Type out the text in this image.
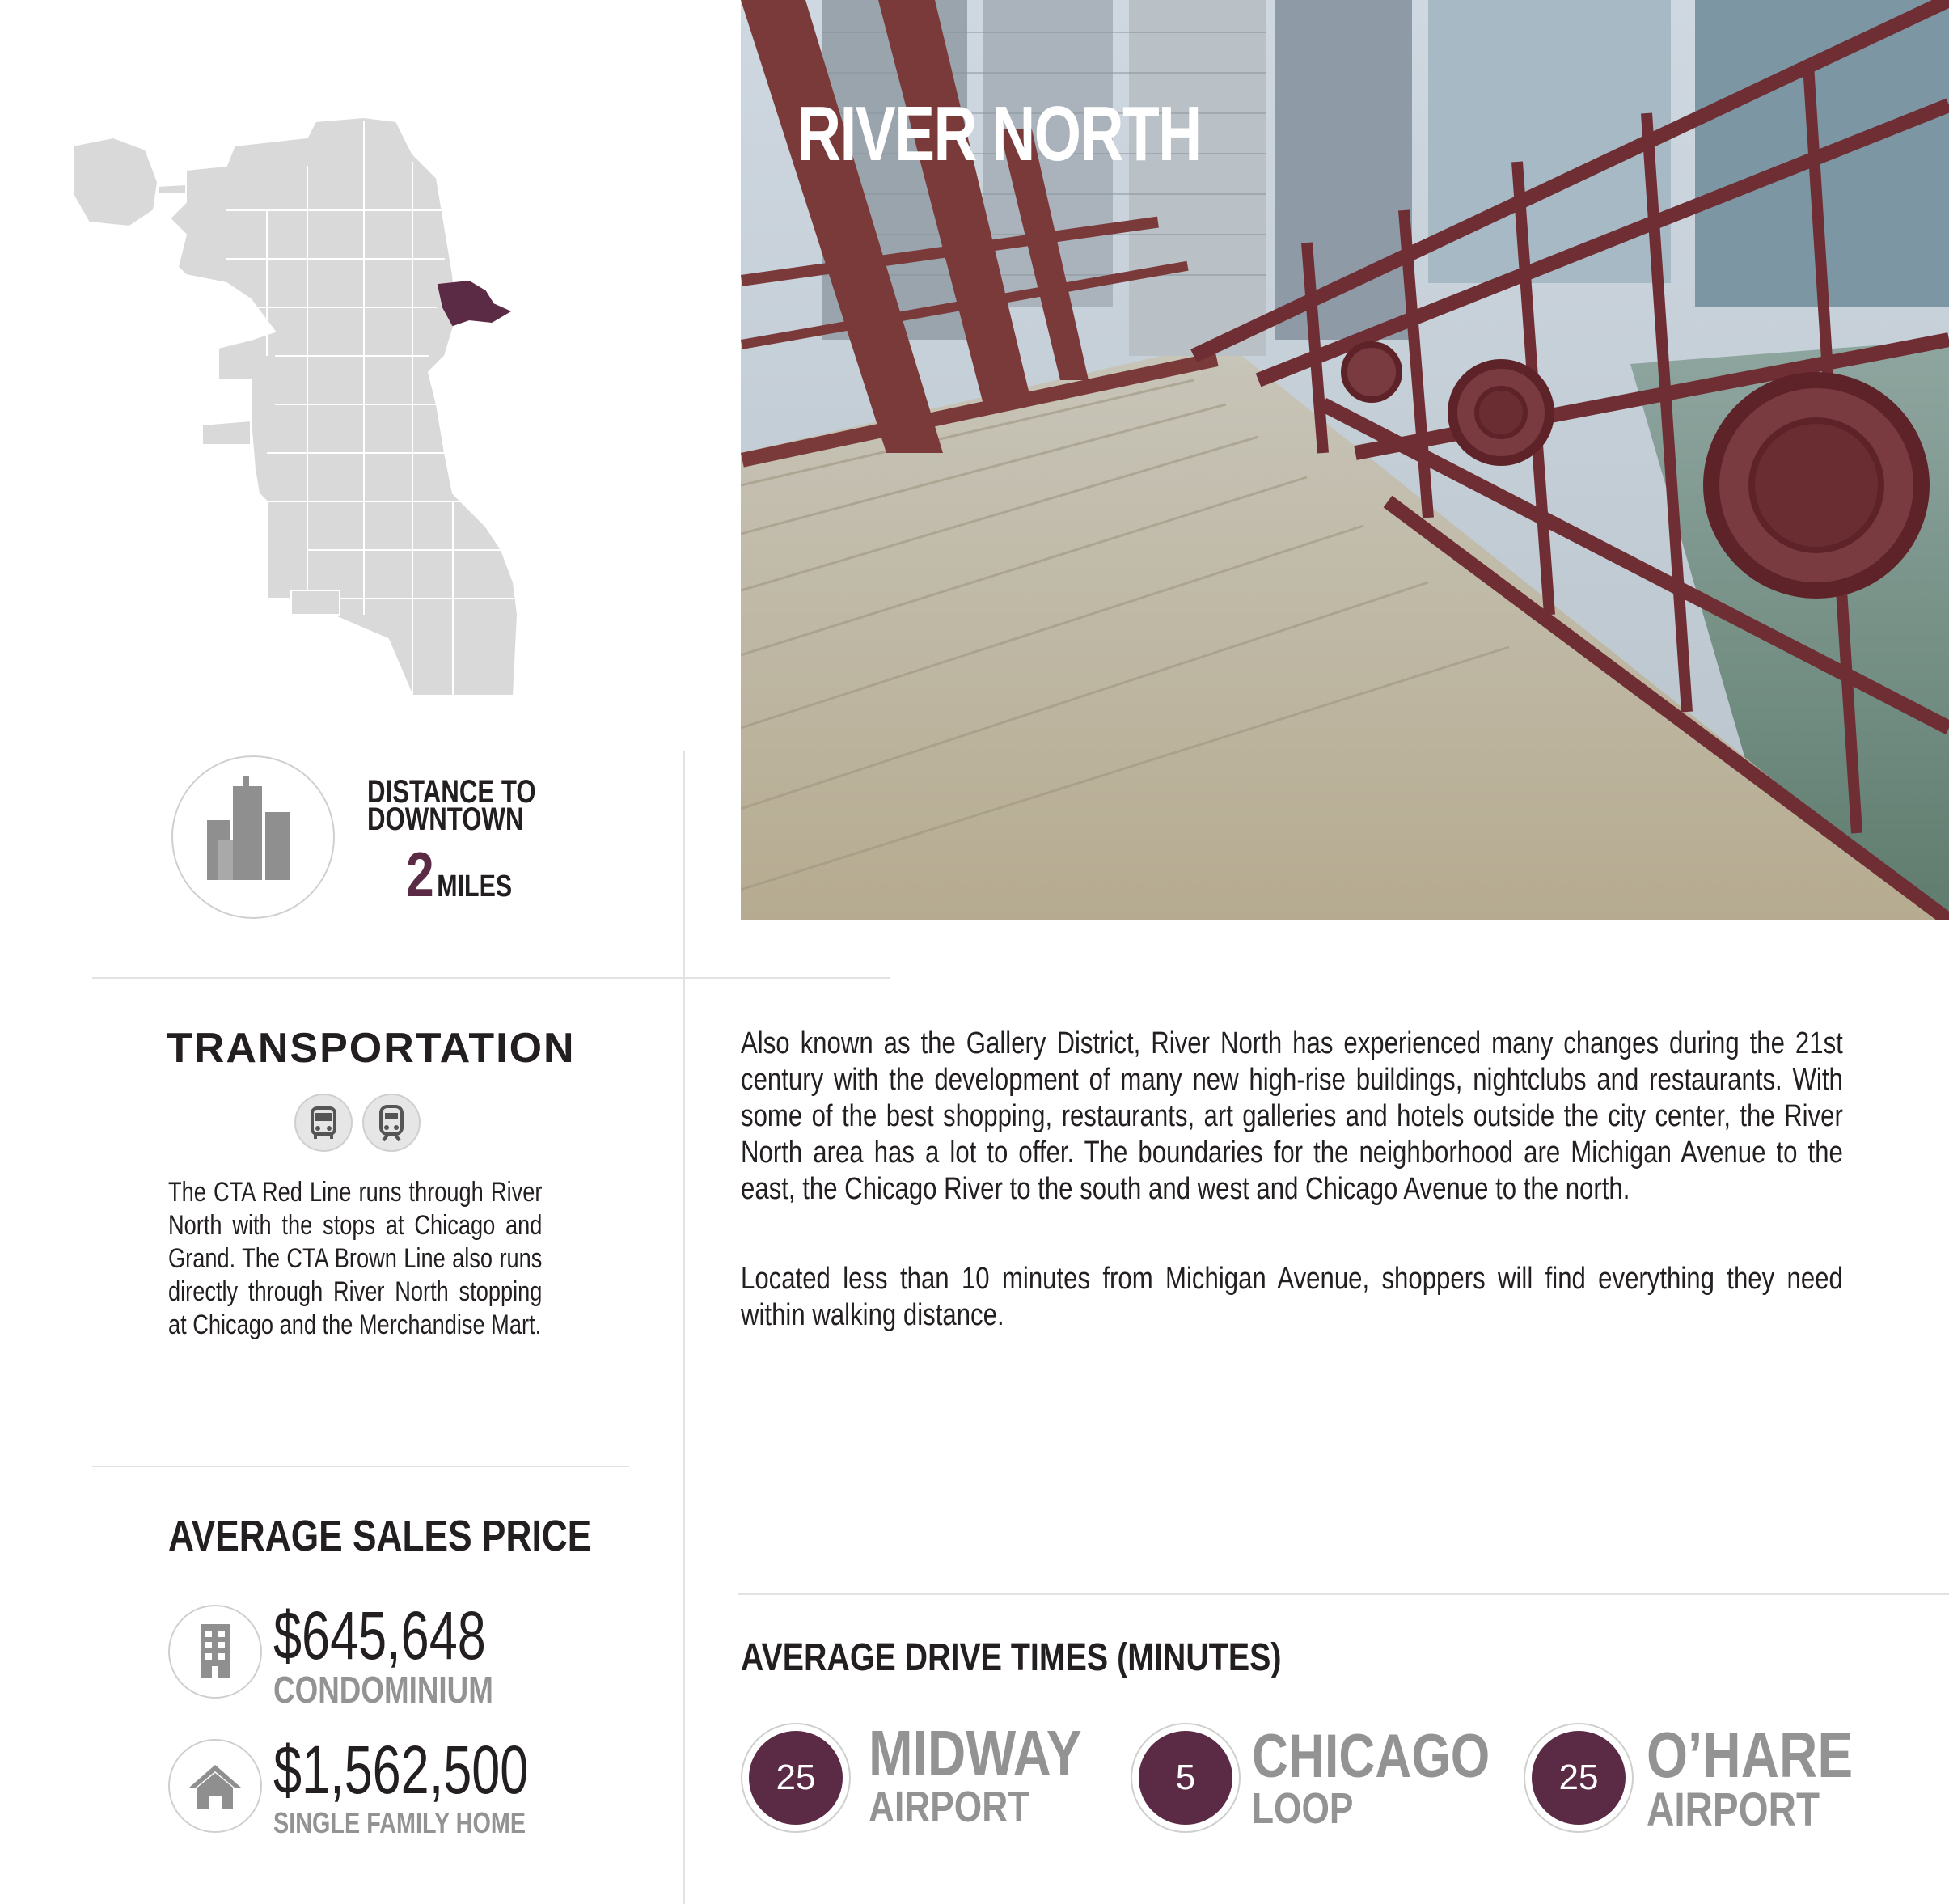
RIVER NORTH
DISTANCE TO
DOWNTOWN
2 MILES
TRANSPORTATION

The CTA Red Line runs through River North with the stops at Chicago and Grand. The CTA Brown Line also runs directly through River North stopping at Chicago and the Merchandise Mart.

Also known as the Gallery District, River North has experienced many changes during the 21st century with the development of many new high-rise buildings, nightclubs and restaurants. With some of the best shopping, restaurants, art galleries and hotels outside the city center, the River North area has a lot to offer. The boundaries for the neighborhood are Michigan Avenue to the east, the Chicago River to the south and west and Chicago Avenue to the north.

Located less than 10 minutes from Michigan Avenue, shoppers will find everything they need within walking distance.

AVERAGE SALES PRICE
$645,648
CONDOMINIUM
$1,562,500
SINGLE FAMILY HOME
AVERAGE DRIVE TIMES (MINUTES)
25 MIDWAY
AIRPORT
5 CHICAGO
LOOP
25 O’HARE
AIRPORT
